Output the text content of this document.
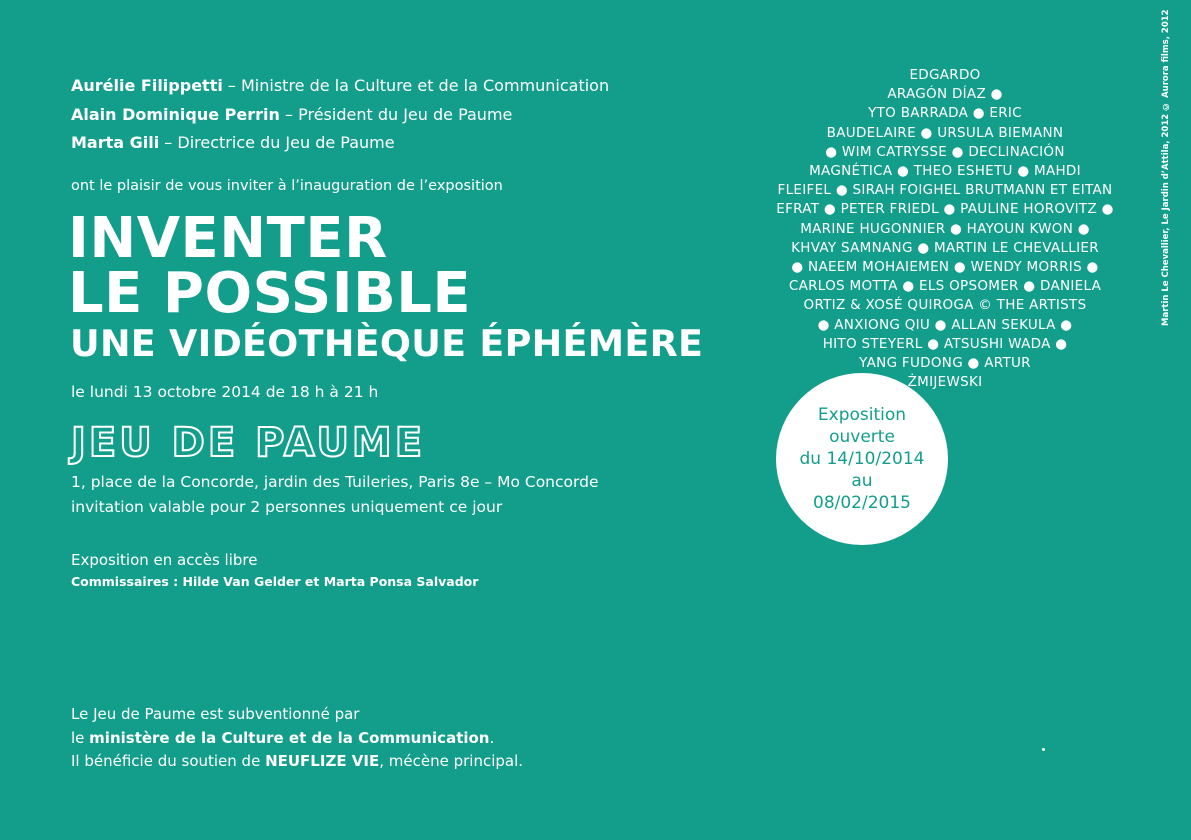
Aurélie Filippetti – Ministre de la Culture et de la Communication
Alain Dominique Perrin – Président du Jeu de Paume
Marta Gili – Directrice du Jeu de Paume
ont le plaisir de vous inviter à l’inauguration de l’exposition
INVENTER
LE POSSIBLE
UNE VIDÉOTHÈQUE ÉPHÉMÈRE
le lundi 13 octobre 2014 de 18 h à 21 h
JEU DE PAUME
1, place de la Concorde, jardin des Tuileries, Paris 8e – Mo Concorde
invitation valable pour 2 personnes uniquement ce jour
Exposition en accès libre
Commissaires : Hilde Van Gelder et Marta Ponsa Salvador
Le Jeu de Paume est subventionné par
le ministère de la Culture et de la Communication.
Il bénéficie du soutien de NEUFLIZE VIE, mécène principal.
EDGARDO
ARAGÓN DÍAZ ●
YTO BARRADA ● ERIC
BAUDELAIRE ● URSULA BIEMANN
● WIM CATRYSSE ● DECLINACIÓN
MAGNÉTICA ● THEO ESHETU ● MAHDI
FLEIFEL ● SIRAH FOIGHEL BRUTMANN ET EITAN
EFRAT ● PETER FRIEDL ● PAULINE HOROVITZ ●
MARINE HUGONNIER ● HAYOUN KWON ●
KHVAY SAMNANG ● MARTIN LE CHEVALLIER
● NAEEM MOHAIEMEN ● WENDY MORRIS ●
CARLOS MOTTA ● ELS OPSOMER ● DANIELA
ORTIZ & XOSÉ QUIROGA © THE ARTISTS
● ANXIONG QIU ● ALLAN SEKULA ●
HITO STEYERL ● ATSUSHI WADA ●
YANG FUDONG ● ARTUR
ŻMIJEWSKI
Exposition
ouverte
du 14/10/2014
au
08/02/2015
Martin Le Chevallier, Le Jardin d’Attila, 2012 © Aurora films, 2012
